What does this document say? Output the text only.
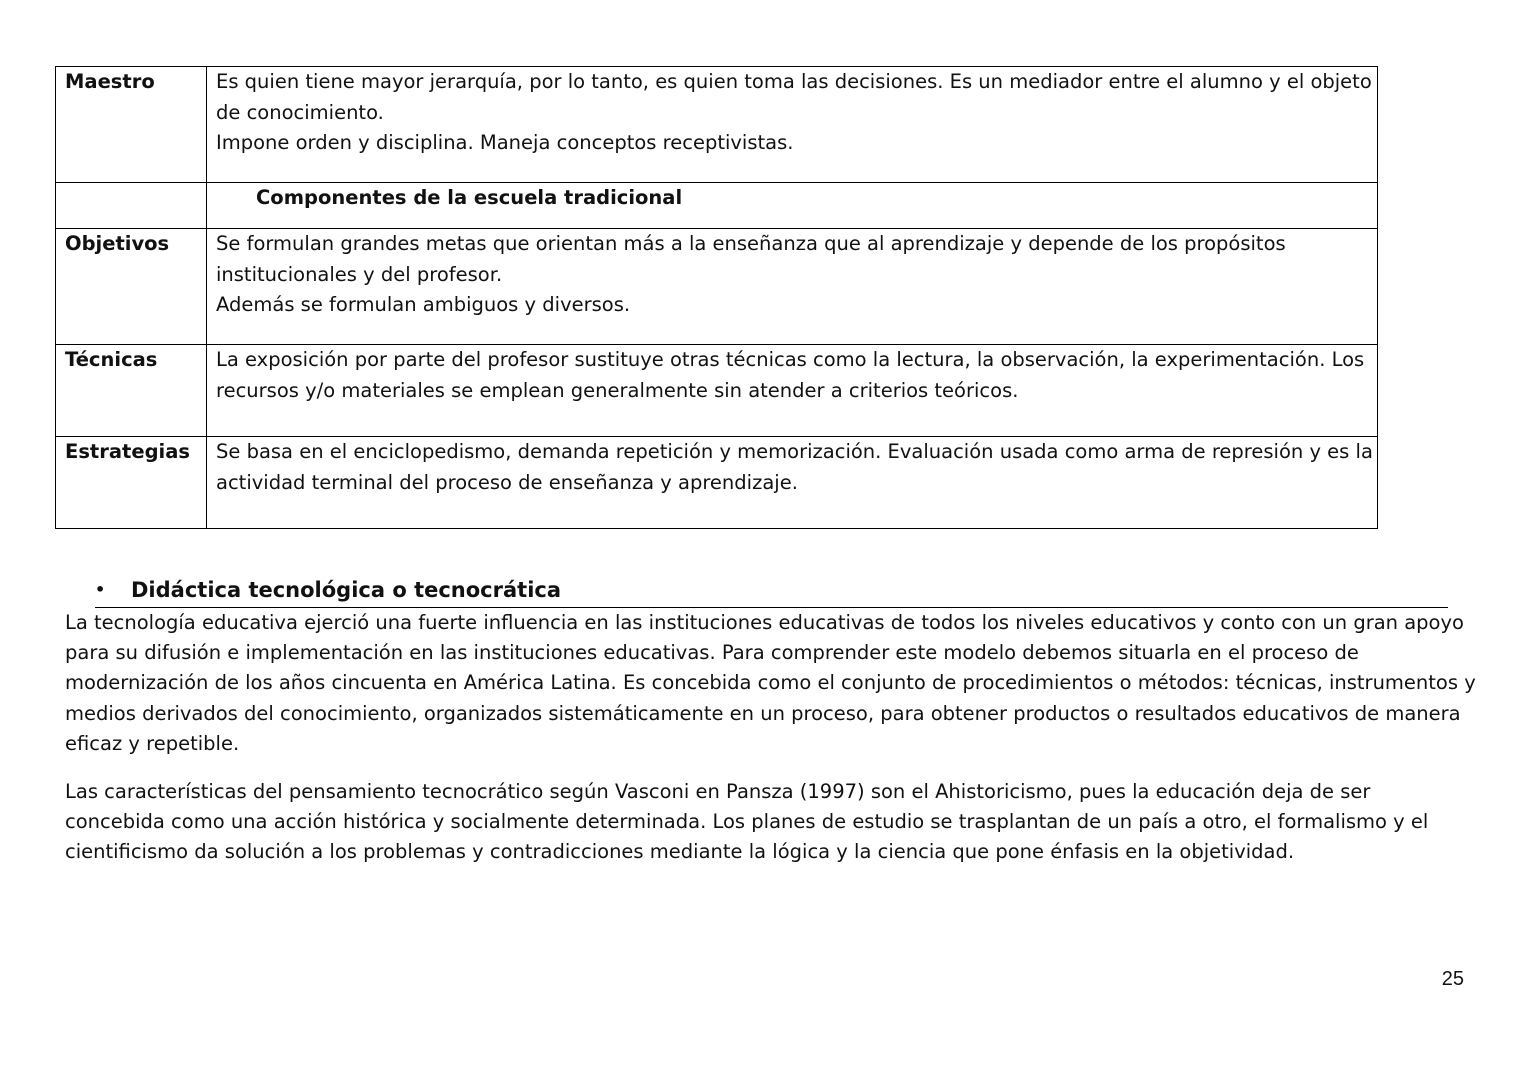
Maestro	Es quien tiene mayor jerarquía, por lo tanto, es quien toma las decisiones. Es un mediador entre el alumno y el objeto
de conocimiento.
Impone orden y disciplina. Maneja conceptos receptivistas.

	Componentes de la escuela tradicional

Objetivos	Se formulan grandes metas que orientan más a la enseñanza que al aprendizaje y depende de los propósitos
institucionales y del profesor.
Además se formulan ambiguos y diversos.

Técnicas	La exposición por parte del profesor sustituye otras técnicas como la lectura, la observación, la experimentación. Los
recursos y/o materiales se emplean generalmente sin atender a criterios teóricos.

Estrategias	Se basa en el enciclopedismo, demanda repetición y memorización. Evaluación usada como arma de represión y es la
actividad terminal del proceso de enseñanza y aprendizaje.
• Didáctica tecnológica o tecnocrática
La tecnología educativa ejerció una fuerte influencia en las instituciones educativas de todos los niveles educativos y conto con un gran apoyo
para su difusión e implementación en las instituciones educativas. Para comprender este modelo debemos situarla en el proceso de
modernización de los años cincuenta en América Latina. Es concebida como el conjunto de procedimientos o métodos: técnicas, instrumentos y
medios derivados del conocimiento, organizados sistemáticamente en un proceso, para obtener productos o resultados educativos de manera
eficaz y repetible.
Las características del pensamiento tecnocrático según Vasconi en Pansza (1997) son el Ahistoricismo, pues la educación deja de ser
concebida como una acción histórica y socialmente determinada. Los planes de estudio se trasplantan de un país a otro, el formalismo y el
cientificismo da solución a los problemas y contradicciones mediante la lógica y la ciencia que pone énfasis en la objetividad.
25
